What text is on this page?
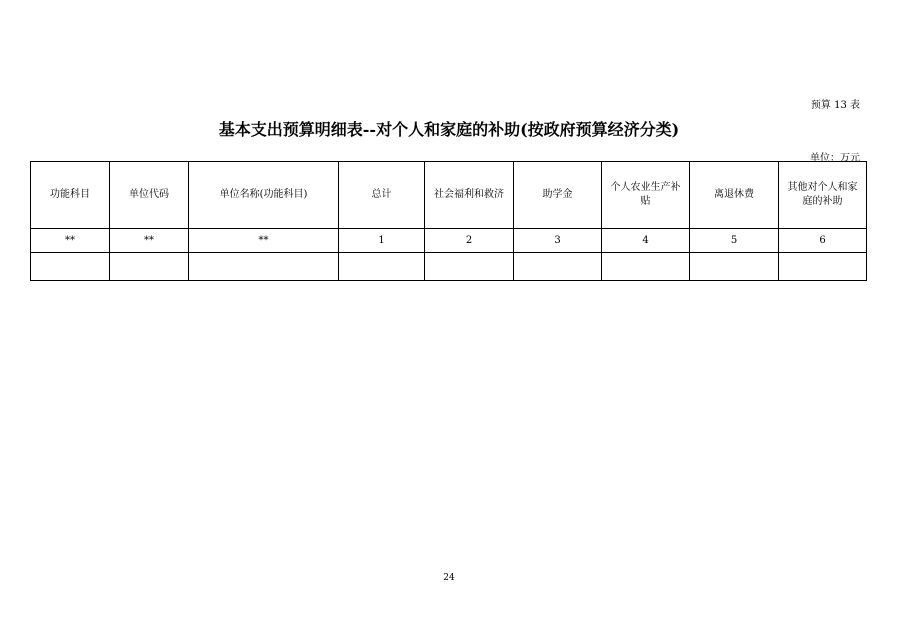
预算 13 表
基本支出预算明细表--对个人和家庭的补助(按政府预算经济分类)
单位：万元
功能科目	单位代码	单位名称(功能科目)	总计	社会福利和救济	助学金	个人农业生产补贴	离退休费	其他对个人和家庭的补助
**	**	**	1	2	3	4	5	6

24
